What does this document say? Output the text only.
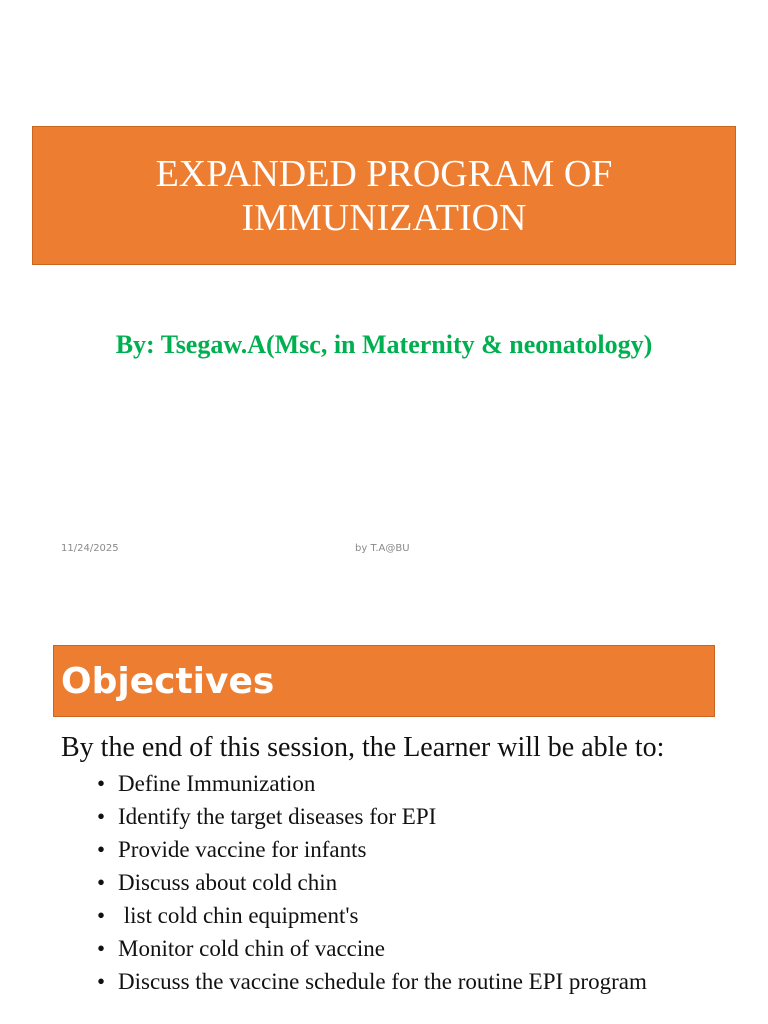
EXPANDED PROGRAM OF IMMUNIZATION

By: Tsegaw.A(Msc, in Maternity & neonatology)

11/24/2025	by T.A@BU
Objectives

By the end of this session, the Learner will be able to:

• Define Immunization
• Identify the target diseases for EPI
• Provide vaccine for infants
• Discuss about cold chin
• list cold chin equipment's
• Monitor cold chin of vaccine
• Discuss the vaccine schedule for the routine EPI program
